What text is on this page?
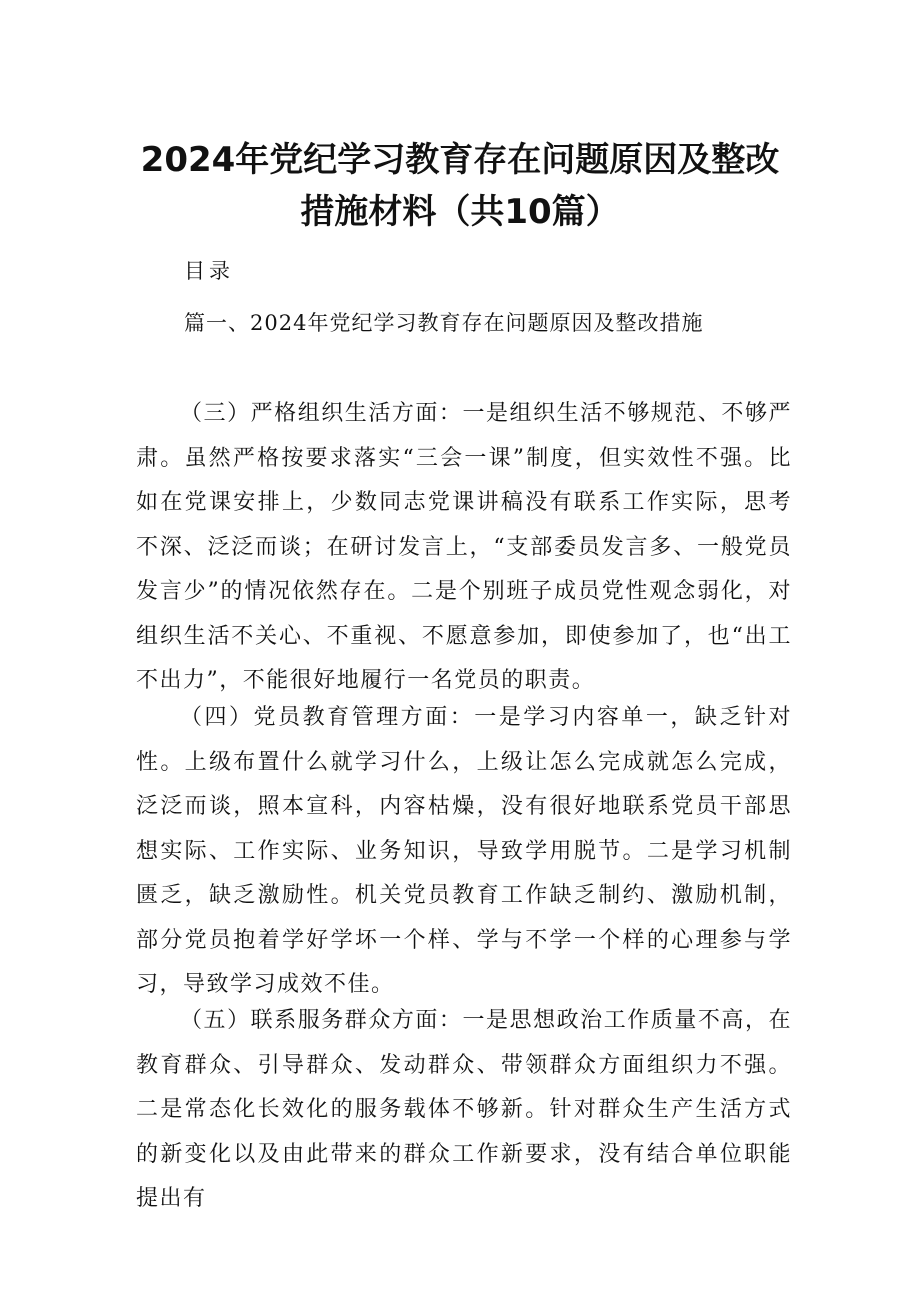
2024年党纪学习教育存在问题原因及整改
措施材料（共10篇）
目录
篇一、2024年党纪学习教育存在问题原因及整改措施

（三）严格组织生活方面：一是组织生活不够规范、不够严肃。虽然严格按要求落实“三会一课”制度，但实效性不强。比如在党课安排上，少数同志党课讲稿没有联系工作实际，思考不深、泛泛而谈；在研讨发言上，“支部委员发言多、一般党员发言少”的情况依然存在。二是个别班子成员党性观念弱化，对组织生活不关心、不重视、不愿意参加，即使参加了，也“出工不出力”，不能很好地履行一名党员的职责。

（四）党员教育管理方面：一是学习内容单一，缺乏针对性。上级布置什么就学习什么，上级让怎么完成就怎么完成，泛泛而谈，照本宣科，内容枯燥，没有很好地联系党员干部思想实际、工作实际、业务知识，导致学用脱节。二是学习机制匮乏，缺乏激励性。机关党员教育工作缺乏制约、激励机制，部分党员抱着学好学坏一个样、学与不学一个样的心理参与学习，导致学习成效不佳。

（五）联系服务群众方面：一是思想政治工作质量不高，在教育群众、引导群众、发动群众、带领群众方面组织力不强。二是常态化长效化的服务载体不够新。针对群众生产生活方式的新变化以及由此带来的群众工作新要求，没有结合单位职能提出有
